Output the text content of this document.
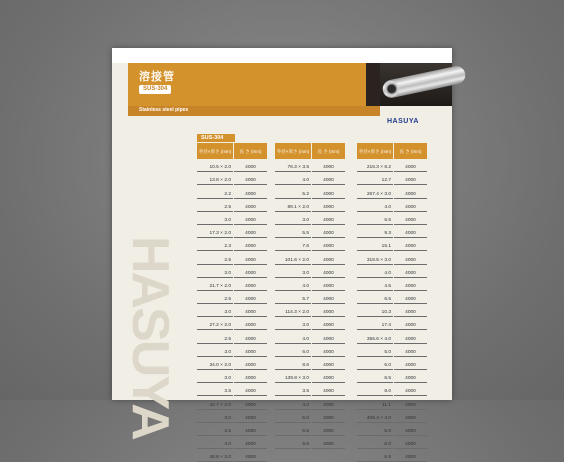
溶接管
SUS-304
Stainless steel pipes
HASUYA
HASUYA
SUS-304
外径×厚さ (mm)	長 さ (mm)
10.5 × 2.0	4000
13.8 × 2.0	4000
2.2	4000
2.5	4000
3.0	4000
17.3 × 2.0	4000
2.3	4000
2.5	4000
3.0	4000
21.7 × 2.0	4000
2.5	4000
3.0	4000
27.2 × 2.0	4000
2.5	4000
3.0	4000
34.0 × 2.0	4000
3.0	4000
3.5	4000
42.7 × 2.0	4000
3.0	4000
3.5	4000
4.0	4000
48.6 × 2.0	4000
外径×厚さ (mm)	長 さ (mm)
76.3 × 3.5	4000
4.0	4000
5.2	4000
89.1 × 2.0	4000
3.0	4000
5.5	4000
7.6	4000
101.6 × 2.0	4000
3.0	4000
4.0	4000
5.7	4000
114.3 × 2.0	4000
3.0	4000
4.0	4000
6.0	4000
8.6	4000
139.8 × 3.0	4000
3.5	4000
4.0	4000
5.0	4000
6.6	4000
9.5	4000
外径×厚さ (mm)	長 さ (mm)
216.3 × 8.2	4000
12.7	4000
267.4 × 3.0	4000
4.0	4000
6.5	4000
9.3	4000
15.1	4000
318.5 × 3.0	4000
4.0	4000
4.5	4000
6.5	4000
10.3	4000
17.4	4000
355.6 × 4.0	4000
5.0	4000
6.0	4000
6.5	4000
8.0	4000
11.1	4000
406.4 × 4.0	4000
5.0	4000
6.0	4000
6.5	4000
